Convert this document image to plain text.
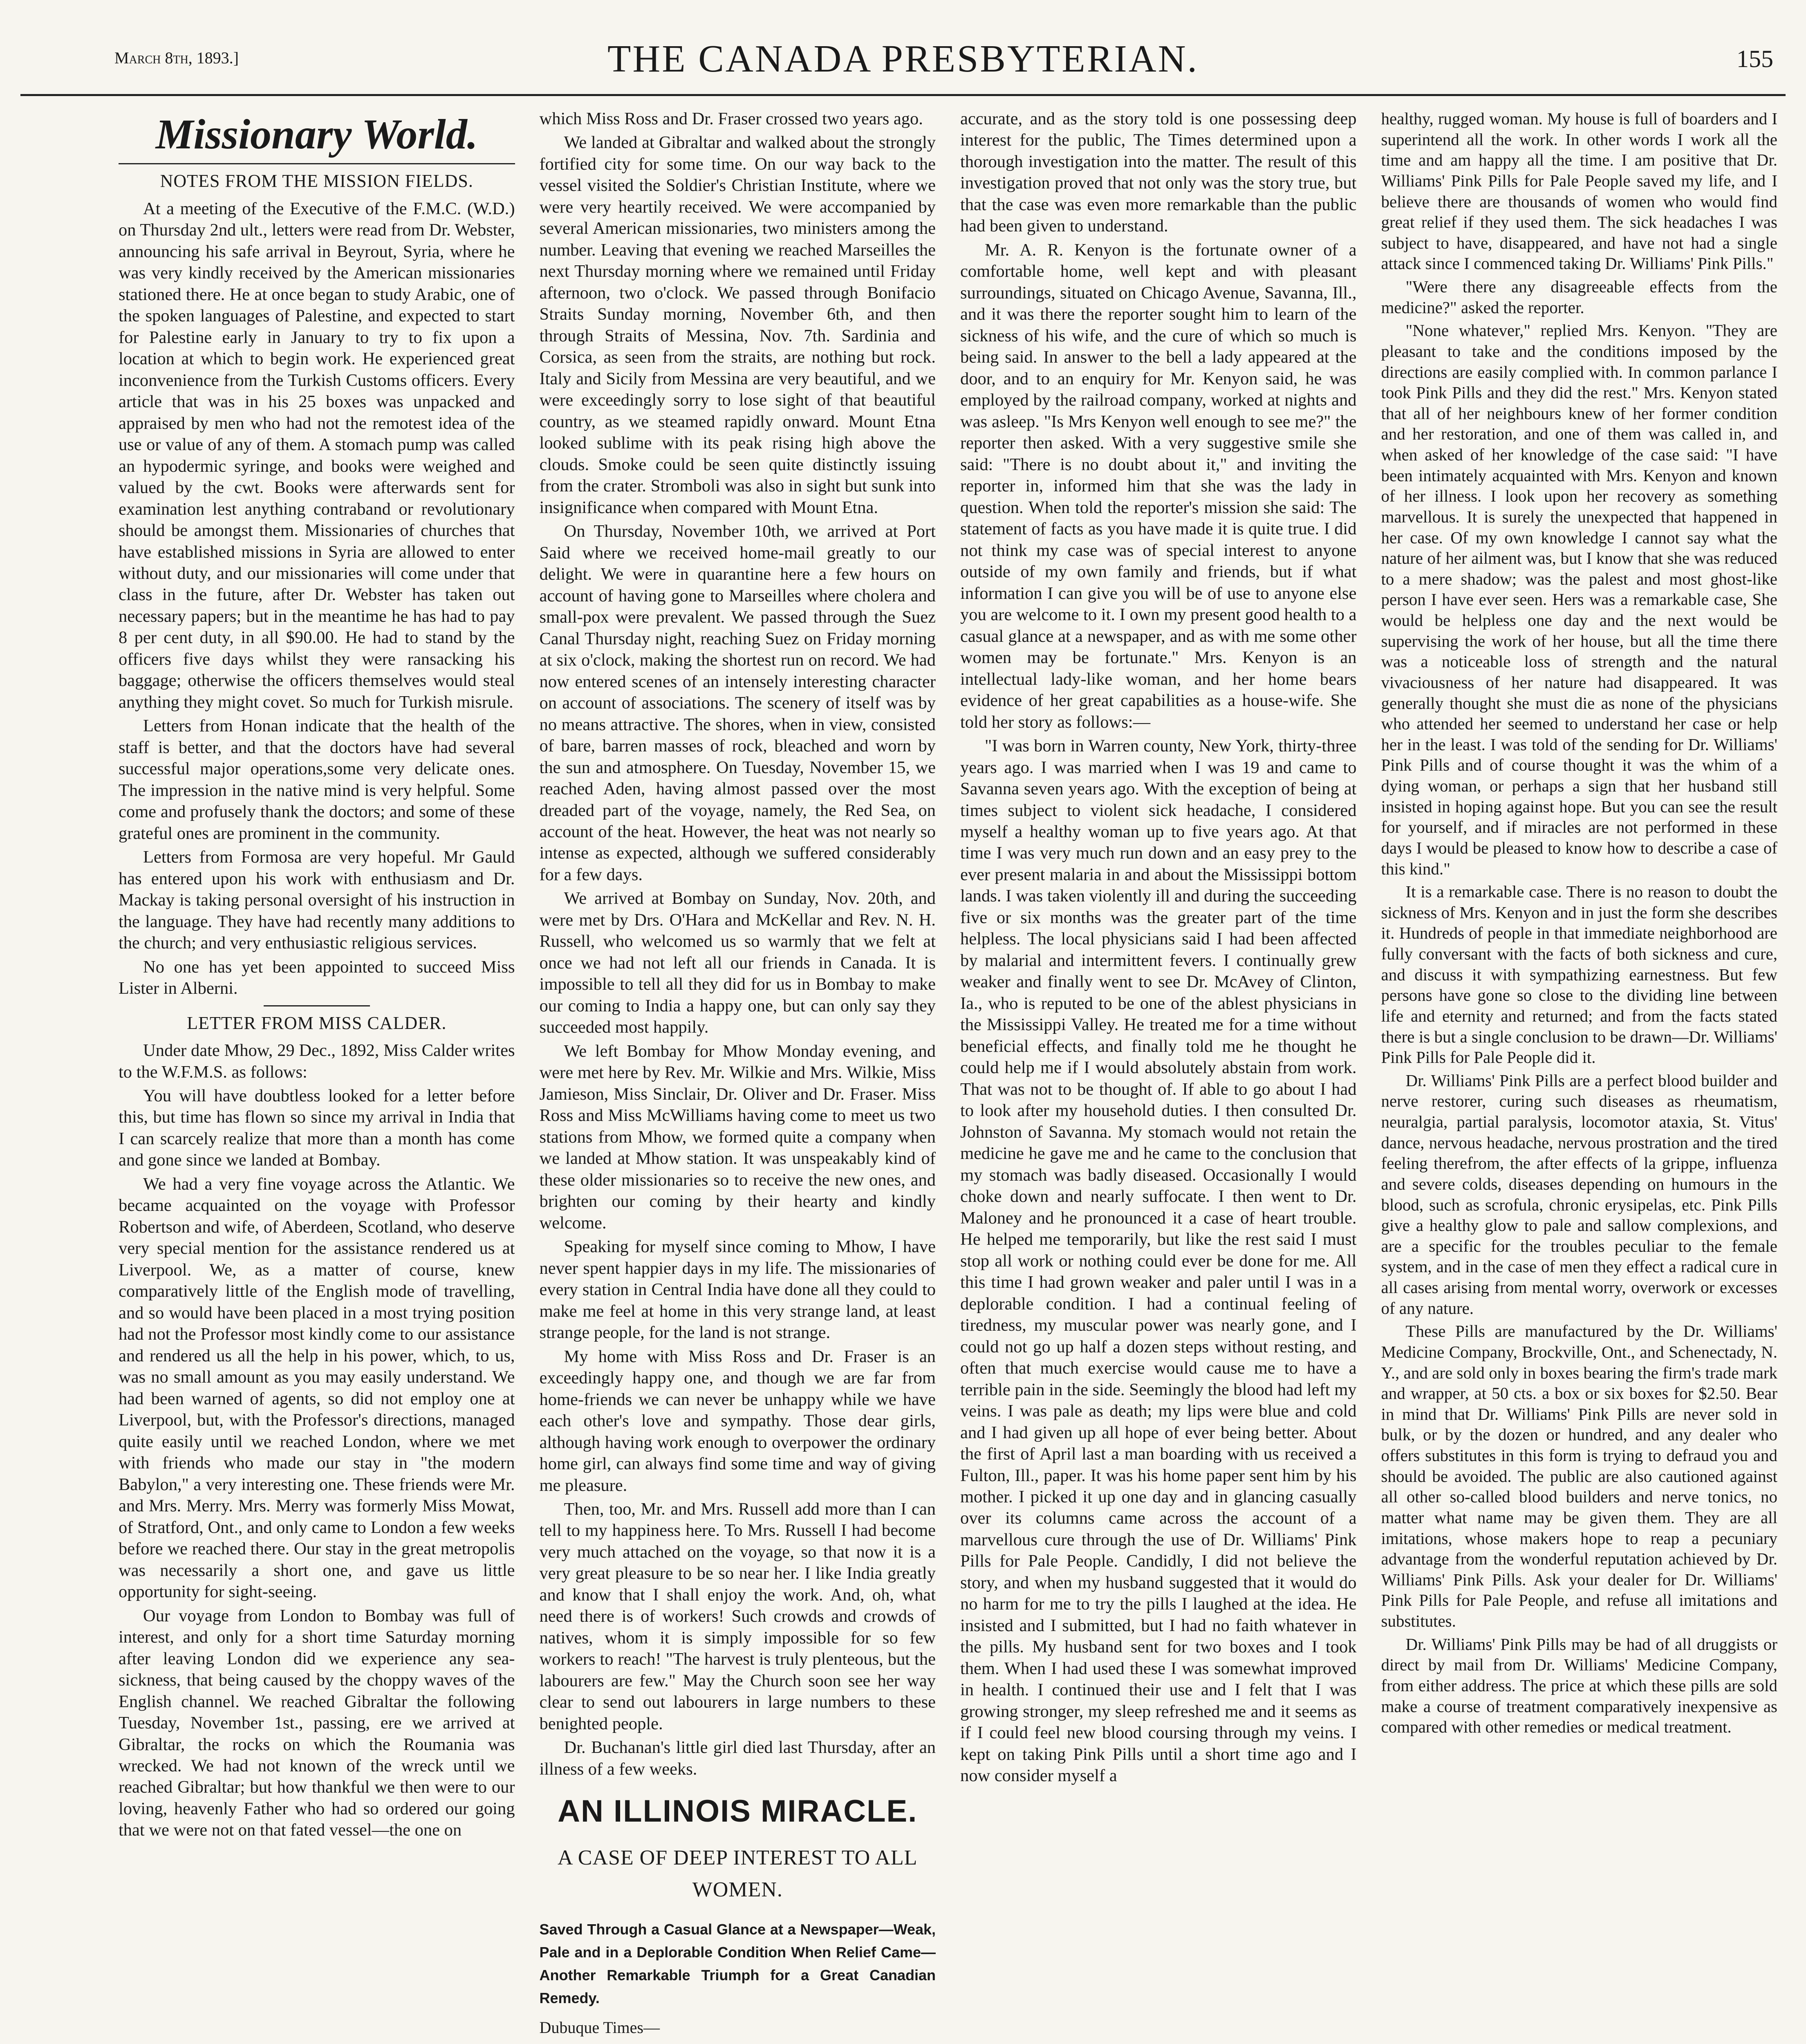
March 8th, 1893.]	THE CANADA PRESBYTERIAN.	155
Missionary World.
NOTES FROM THE MISSION FIELDS.

At a meeting of the Executive of the F.M.C. (W.D.) on Thursday 2nd ult., letters were read from Dr. Webster, announcing his safe arrival in Beyrout, Syria, where he was very kindly received by the American missionaries stationed there. He at once began to study Arabic, one of the spoken languages of Palestine, and expected to start for Palestine early in January to try to fix upon a location at which to begin work. He experienced great inconvenience from the Turkish Customs officers. Every article that was in his 25 boxes was unpacked and appraised by men who had not the remotest idea of the use or value of any of them. A stomach pump was called an hypodermic syringe, and books were weighed and valued by the cwt. Books were afterwards sent for examination lest anything contraband or revolutionary should be amongst them. Missionaries of churches that have established missions in Syria are allowed to enter without duty, and our missionaries will come under that class in the future, after Dr. Webster has taken out necessary papers; but in the meantime he has had to pay 8 per cent duty, in all $90.00. He had to stand by the officers five days whilst they were ransacking his baggage; otherwise the officers themselves would steal anything they might covet. So much for Turkish misrule.

Letters from Honan indicate that the health of the staff is better, and that the doctors have had several successful major operations,some very delicate ones. The impression in the native mind is very helpful. Some come and profusely thank the doctors; and some of these grateful ones are prominent in the community.

Letters from Formosa are very hopeful. Mr Gauld has entered upon his work with enthusiasm and Dr. Mackay is taking personal oversight of his instruction in the language. They have had recently many additions to the church; and very enthusiastic religious services.

No one has yet been appointed to succeed Miss Lister in Alberni.

LETTER FROM MISS CALDER.

Under date Mhow, 29 Dec., 1892, Miss Calder writes to the W.F.M.S. as follows:

You will have doubtless looked for a letter before this, but time has flown so since my arrival in India that I can scarcely realize that more than a month has come and gone since we landed at Bombay.

We had a very fine voyage across the Atlantic. We became acquainted on the voyage with Professor Robertson and wife, of Aberdeen, Scotland, who deserve very special mention for the assistance rendered us at Liverpool. We, as a matter of course, knew comparatively little of the English mode of travelling, and so would have been placed in a most trying position had not the Professor most kindly come to our assistance and rendered us all the help in his power, which, to us, was no small amount as you may easily understand. We had been warned of agents, so did not employ one at Liverpool, but, with the Professor's directions, managed quite easily until we reached London, where we met with friends who made our stay in "the modern Babylon," a very interesting one. These friends were Mr. and Mrs. Merry. Mrs. Merry was formerly Miss Mowat, of Stratford, Ont., and only came to London a few weeks before we reached there. Our stay in the great metropolis was necessarily a short one, and gave us little opportunity for sight-seeing.

Our voyage from London to Bombay was full of interest, and only for a short time Saturday morning after leaving London did we experience any sea-sickness, that being caused by the choppy waves of the English channel. We reached Gibraltar the following Tuesday, November 1st., passing, ere we arrived at Gibraltar, the rocks on which the Roumania was wrecked. We had not known of the wreck until we reached Gibraltar; but how thankful we then were to our loving, heavenly Father who had so ordered our going that we were not on that fated vessel—the one on

which Miss Ross and Dr. Fraser crossed two years ago.

We landed at Gibraltar and walked about the strongly fortified city for some time. On our way back to the vessel visited the Soldier's Christian Institute, where we were very heartily received. We were accompanied by several American missionaries, two ministers among the number. Leaving that evening we reached Marseilles the next Thursday morning where we remained until Friday afternoon, two o'clock. We passed through Bonifacio Straits Sunday morning, November 6th, and then through Straits of Messina, Nov. 7th. Sardinia and Corsica, as seen from the straits, are nothing but rock. Italy and Sicily from Messina are very beautiful, and we were exceedingly sorry to lose sight of that beautiful country, as we steamed rapidly onward. Mount Etna looked sublime with its peak rising high above the clouds. Smoke could be seen quite distinctly issuing from the crater. Stromboli was also in sight but sunk into insignificance when compared with Mount Etna.

On Thursday, November 10th, we arrived at Port Said where we received home-mail greatly to our delight. We were in quarantine here a few hours on account of having gone to Marseilles where cholera and small-pox were prevalent. We passed through the Suez Canal Thursday night, reaching Suez on Friday morning at six o'clock, making the shortest run on record. We had now entered scenes of an intensely interesting character on account of associations. The scenery of itself was by no means attractive. The shores, when in view, consisted of bare, barren masses of rock, bleached and worn by the sun and atmosphere. On Tuesday, November 15, we reached Aden, having almost passed over the most dreaded part of the voyage, namely, the Red Sea, on account of the heat. However, the heat was not nearly so intense as expected, although we suffered considerably for a few days.

We arrived at Bombay on Sunday, Nov. 20th, and were met by Drs. O'Hara and McKellar and Rev. N. H. Russell, who welcomed us so warmly that we felt at once we had not left all our friends in Canada. It is impossible to tell all they did for us in Bombay to make our coming to India a happy one, but can only say they succeeded most happily.

We left Bombay for Mhow Monday evening, and were met here by Rev. Mr. Wilkie and Mrs. Wilkie, Miss Jamieson, Miss Sinclair, Dr. Oliver and Dr. Fraser. Miss Ross and Miss McWilliams having come to meet us two stations from Mhow, we formed quite a company when we landed at Mhow station. It was unspeakably kind of these older missionaries so to receive the new ones, and brighten our coming by their hearty and kindly welcome.

Speaking for myself since coming to Mhow, I have never spent happier days in my life. The missionaries of every station in Central India have done all they could to make me feel at home in this very strange land, at least strange people, for the land is not strange.

My home with Miss Ross and Dr. Fraser is an exceedingly happy one, and though we are far from home-friends we can never be unhappy while we have each other's love and sympathy. Those dear girls, although having work enough to overpower the ordinary home girl, can always find some time and way of giving me pleasure.

Then, too, Mr. and Mrs. Russell add more than I can tell to my happiness here. To Mrs. Russell I had become very much attached on the voyage, so that now it is a very great pleasure to be so near her. I like India greatly and know that I shall enjoy the work. And, oh, what need there is of workers! Such crowds and crowds of natives, whom it is simply impossible for so few workers to reach! "The harvest is truly plenteous, but the labourers are few." May the Church soon see her way clear to send out labourers in large numbers to these benighted people.

Dr. Buchanan's little girl died last Thursday, after an illness of a few weeks.

AN ILLINOIS MIRACLE.
A CASE OF DEEP INTEREST TO ALL WOMEN.
Saved Through a Casual Glance at a Newspaper—Weak, Pale and in a Deplorable Condition When Relief Came—Another Remarkable Triumph for a Great Canadian Remedy.
Dubuque Times—

accurate, and as the story told is one possessing deep interest for the public, The Times determined upon a thorough investigation into the matter. The result of this investigation proved that not only was the story true, but that the case was even more remarkable than the public had been given to understand.

Mr. A. R. Kenyon is the fortunate owner of a comfortable home, well kept and with pleasant surroundings, situated on Chicago Avenue, Savanna, Ill., and it was there the reporter sought him to learn of the sickness of his wife, and the cure of which so much is being said. In answer to the bell a lady appeared at the door, and to an enquiry for Mr. Kenyon said, he was employed by the railroad company, worked at nights and was asleep. "Is Mrs Kenyon well enough to see me?" the reporter then asked. With a very suggestive smile she said: "There is no doubt about it," and inviting the reporter in, informed him that she was the lady in question. When told the reporter's mission she said: The statement of facts as you have made it is quite true. I did not think my case was of special interest to anyone outside of my own family and friends, but if what information I can give you will be of use to anyone else you are welcome to it. I own my present good health to a casual glance at a newspaper, and as with me some other women may be fortunate." Mrs. Kenyon is an intellectual lady-like woman, and her home bears evidence of her great capabilities as a house-wife. She told her story as follows:—

"I was born in Warren county, New York, thirty-three years ago. I was married when I was 19 and came to Savanna seven years ago. With the exception of being at times subject to violent sick headache, I considered myself a healthy woman up to five years ago. At that time I was very much run down and an easy prey to the ever present malaria in and about the Mississippi bottom lands. I was taken violently ill and during the succeeding five or six months was the greater part of the time helpless. The local physicians said I had been affected by malarial and intermittent fevers. I continually grew weaker and finally went to see Dr. McAvey of Clinton, Ia., who is reputed to be one of the ablest physicians in the Mississippi Valley. He treated me for a time without beneficial effects, and finally told me he thought he could help me if I would absolutely abstain from work. That was not to be thought of. If able to go about I had to look after my household duties. I then consulted Dr. Johnston of Savanna. My stomach would not retain the medicine he gave me and he came to the conclusion that my stomach was badly diseased. Occasionally I would choke down and nearly suffocate. I then went to Dr. Maloney and he pronounced it a case of heart trouble. He helped me temporarily, but like the rest said I must stop all work or nothing could ever be done for me. All this time I had grown weaker and paler until I was in a deplorable condition. I had a continual feeling of tiredness, my muscular power was nearly gone, and I could not go up half a dozen steps without resting, and often that much exercise would cause me to have a terrible pain in the side. Seemingly the blood had left my veins. I was pale as death; my lips were blue and cold and I had given up all hope of ever being better. About the first of April last a man boarding with us received a Fulton, Ill., paper. It was his home paper sent him by his mother. I picked it up one day and in glancing casually over its columns came across the account of a marvellous cure through the use of Dr. Williams' Pink Pills for Pale People. Candidly, I did not believe the story, and when my husband suggested that it would do no harm for me to try the pills I laughed at the idea. He insisted and I submitted, but I had no faith whatever in the pills. My husband sent for two boxes and I took them. When I had used these I was somewhat improved in health. I continued their use and I felt that I was growing stronger, my sleep refreshed me and it seems as if I could feel new blood coursing through my veins. I kept on taking Pink Pills until a short time ago and I now consider myself a

healthy, rugged woman. My house is full of boarders and I superintend all the work. In other words I work all the time and am happy all the time. I am positive that Dr. Williams' Pink Pills for Pale People saved my life, and I believe there are thousands of women who would find great relief if they used them. The sick headaches I was subject to have, disappeared, and have not had a single attack since I commenced taking Dr. Williams' Pink Pills."

"Were there any disagreeable effects from the medicine?" asked the reporter.

"None whatever," replied Mrs. Kenyon. "They are pleasant to take and the conditions imposed by the directions are easily complied with. In common parlance I took Pink Pills and they did the rest." Mrs. Kenyon stated that all of her neighbours knew of her former condition and her restoration, and one of them was called in, and when asked of her knowledge of the case said: "I have been intimately acquainted with Mrs. Kenyon and known of her illness. I look upon her recovery as something marvellous. It is surely the unexpected that happened in her case. Of my own knowledge I cannot say what the nature of her ailment was, but I know that she was reduced to a mere shadow; was the palest and most ghost-like person I have ever seen. Hers was a remarkable case, She would be helpless one day and the next would be supervising the work of her house, but all the time there was a noticeable loss of strength and the natural vivaciousness of her nature had disappeared. It was generally thought she must die as none of the physicians who attended her seemed to understand her case or help her in the least. I was told of the sending for Dr. Williams' Pink Pills and of course thought it was the whim of a dying woman, or perhaps a sign that her husband still insisted in hoping against hope. But you can see the result for yourself, and if miracles are not performed in these days I would be pleased to know how to describe a case of this kind."

It is a remarkable case. There is no reason to doubt the sickness of Mrs. Kenyon and in just the form she describes it. Hundreds of people in that immediate neighborhood are fully conversant with the facts of both sickness and cure, and discuss it with sympathizing earnestness. But few persons have gone so close to the dividing line between life and eternity and returned; and from the facts stated there is but a single conclusion to be drawn—Dr. Williams' Pink Pills for Pale People did it.

Dr. Williams' Pink Pills are a perfect blood builder and nerve restorer, curing such diseases as rheumatism, neuralgia, partial paralysis, locomotor ataxia, St. Vitus' dance, nervous headache, nervous prostration and the tired feeling therefrom, the after effects of la grippe, influenza and severe colds, diseases depending on humours in the blood, such as scrofula, chronic erysipelas, etc. Pink Pills give a healthy glow to pale and sallow complexions, and are a specific for the troubles peculiar to the female system, and in the case of men they effect a radical cure in all cases arising from mental worry, overwork or excesses of any nature.

These Pills are manufactured by the Dr. Williams' Medicine Company, Brockville, Ont., and Schenectady, N. Y., and are sold only in boxes bearing the firm's trade mark and wrapper, at 50 cts. a box or six boxes for $2.50. Bear in mind that Dr. Williams' Pink Pills are never sold in bulk, or by the dozen or hundred, and any dealer who offers substitutes in this form is trying to defraud you and should be avoided. The public are also cautioned against all other so-called blood builders and nerve tonics, no matter what name may be given them. They are all imitations, whose makers hope to reap a pecuniary advantage from the wonderful reputation achieved by Dr. Williams' Pink Pills. Ask your dealer for Dr. Williams' Pink Pills for Pale People, and refuse all imitations and substitutes.

Dr. Williams' Pink Pills may be had of all druggists or direct by mail from Dr. Williams' Medicine Company, from either address. The price at which these pills are sold make a course of treatment comparatively inexpensive as compared with other remedies or medical treatment.
